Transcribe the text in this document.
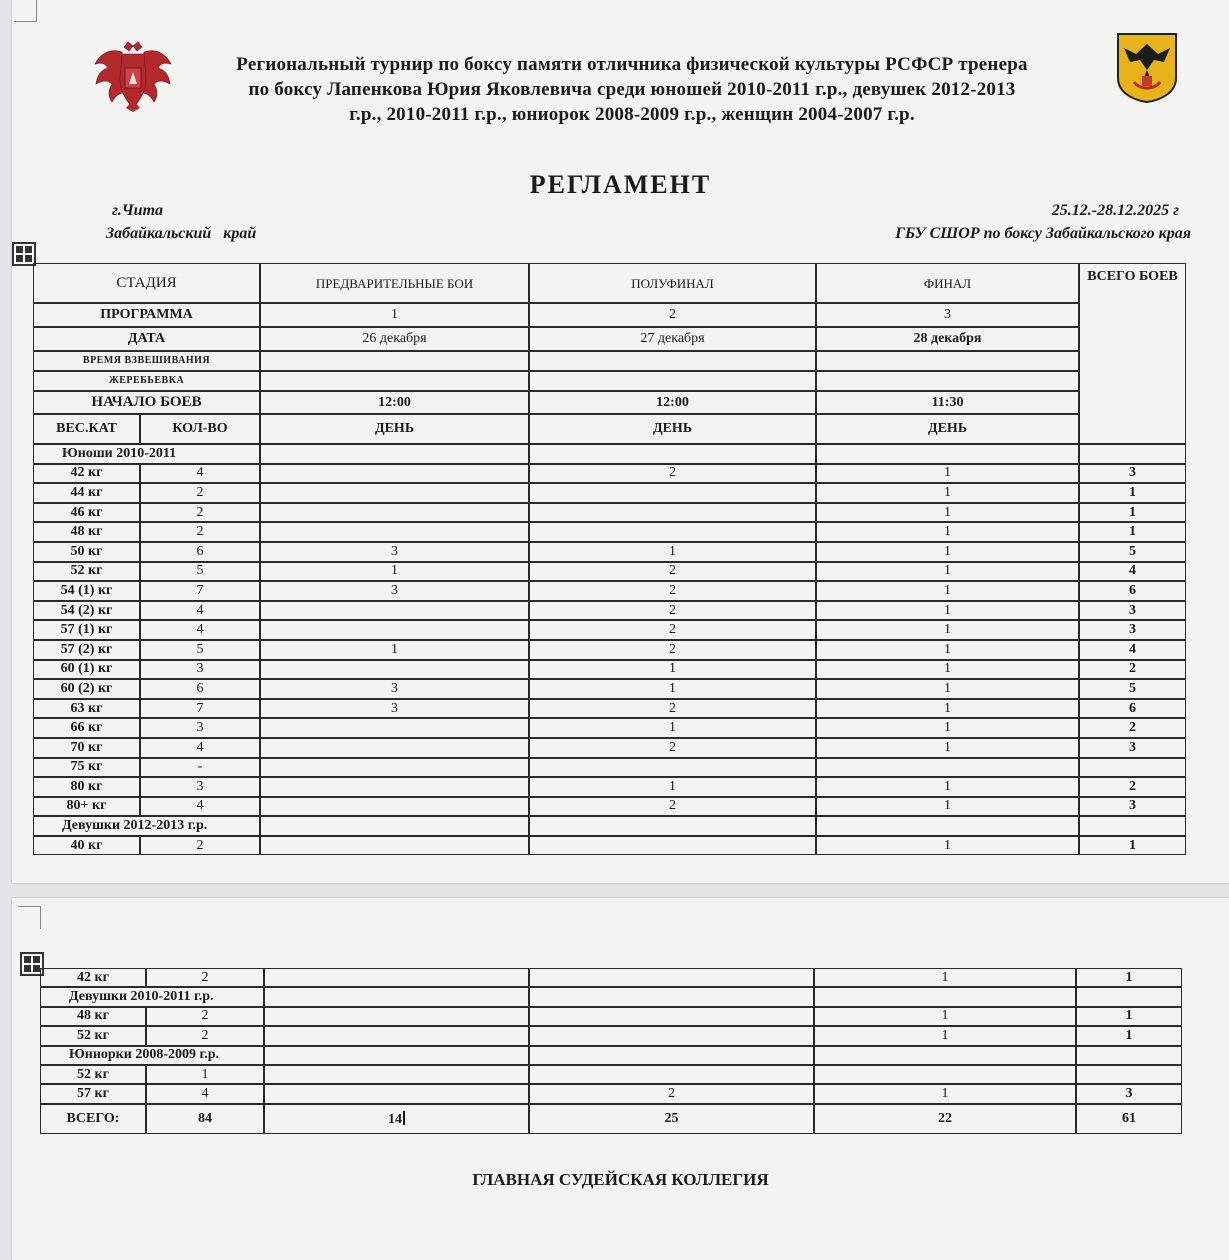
Региональный турнир по боксу памяти отличника физической культуры РСФСР тренера
по боксу Лапенкова Юрия Яковлевича среди юношей 2010-2011 г.р., девушек 2012-2013
г.р., 2010-2011 г.р., юниорок 2008-2009 г.р., женщин 2004-2007 г.р.
РЕГЛАМЕНТ
г.Чита
Забайкальский   край
25.12.-28.12.2025 г
ГБУ СШОР по боксу Забайкальского края
СТАДИЯ		ПРЕДВАРИТЕЛЬНЫЕ БОИ	ПОЛУФИНАЛ	ФИНАЛ	ВСЕГО БОЕВ
ПРОГРАММА		1	2	3	
ДАТА		26 декабря	27 декабря	28 декабря	
ВРЕМЯ ВЗВЕШИВАНИЯ					
ЖЕРЕБЬЕВКА					
НАЧАЛО БОЕВ		12:00	12:00	11:30	
ВЕС.КАТ	КОЛ-ВО	ДЕНЬ	ДЕНЬ	ДЕНЬ	
Юноши 2010-2011					
42 кг	4		2	1	3
44 кг	2			1	1
46 кг	2			1	1
48 кг	2			1	1
50 кг	6	3	1	1	5
52 кг	5	1	2	1	4
54 (1) кг	7	3	2	1	6
54 (2) кг	4		2	1	3
57 (1) кг	4		2	1	3
57 (2) кг	5	1	2	1	4
60 (1) кг	3		1	1	2
60 (2) кг	6	3	1	1	5
63 кг	7	3	2	1	6
66 кг	3		1	1	2
70 кг	4		2	1	3
75 кг	-				
80 кг	3		1	1	2
80+ кг	4		2	1	3
Девушки 2012-2013 г.р.					
40 кг	2			1	1
42 кг	2			1	1
Девушки 2010-2011 г.р.					
48 кг	2			1	1
52 кг	2			1	1
Юниорки 2008-2009 г.р.					
52 кг	1				
57 кг	4		2	1	3
ВСЕГО:	84	14	25	22	61
ГЛАВНАЯ СУДЕЙСКАЯ КОЛЛЕГИЯ
